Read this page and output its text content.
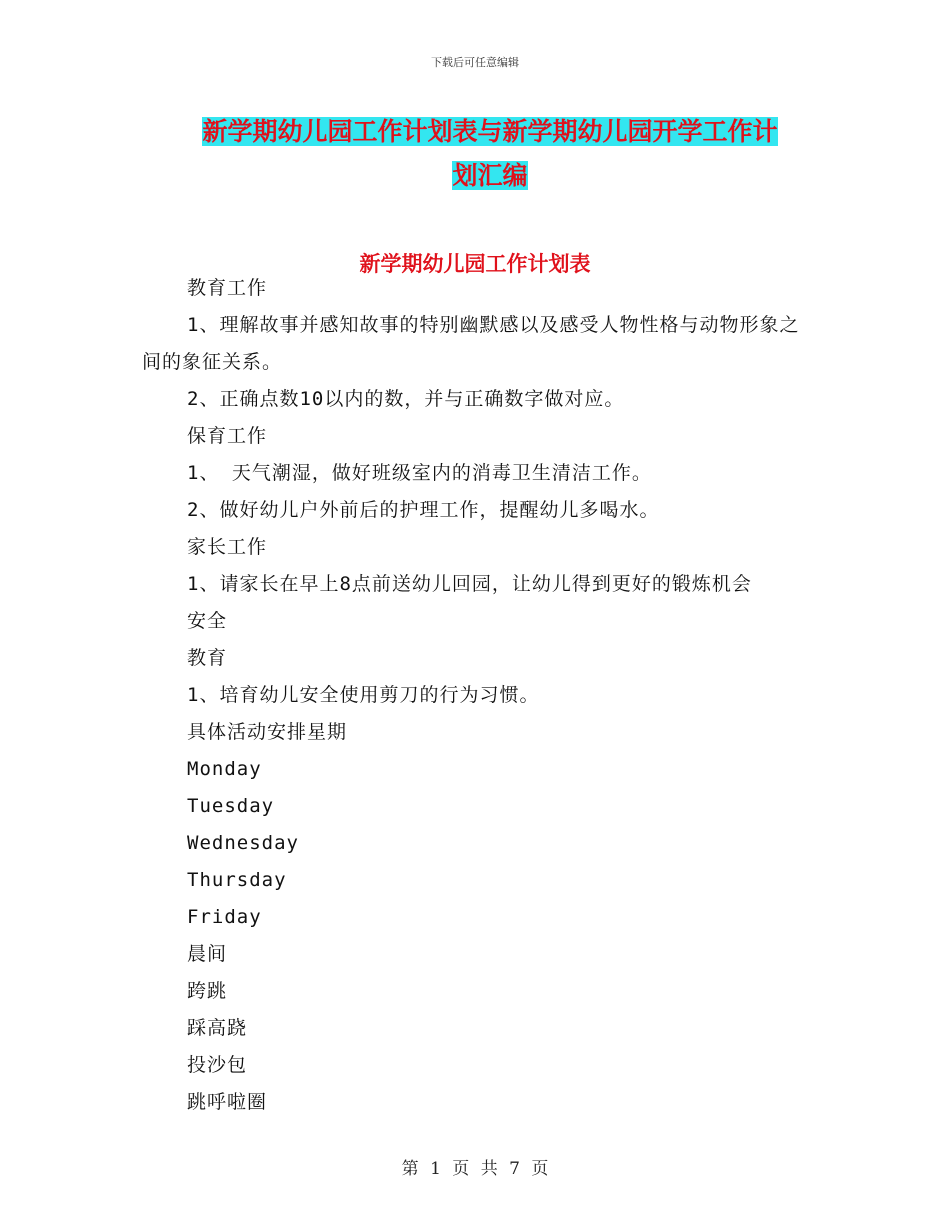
下载后可任意编辑
新学期幼儿园工作计划表与新学期幼儿园开学工作计
划汇编
新学期幼儿园工作计划表

教育工作

1、理解故事并感知故事的特别幽默感以及感受人物性格与动物形象之间的象征关系。

2、正确点数10以内的数，并与正确数字做对应。

保育工作

1、 天气潮湿，做好班级室内的消毒卫生清洁工作。

2、做好幼儿户外前后的护理工作，提醒幼儿多喝水。

家长工作

1、请家长在早上8点前送幼儿回园，让幼儿得到更好的锻炼机会

安全

教育

1、培育幼儿安全使用剪刀的行为习惯。

具体活动安排星期

Monday

Tuesday

Wednesday

Thursday

Friday

晨间

跨跳

踩高跷

投沙包

跳呼啦圈

第 1 页 共 7 页
